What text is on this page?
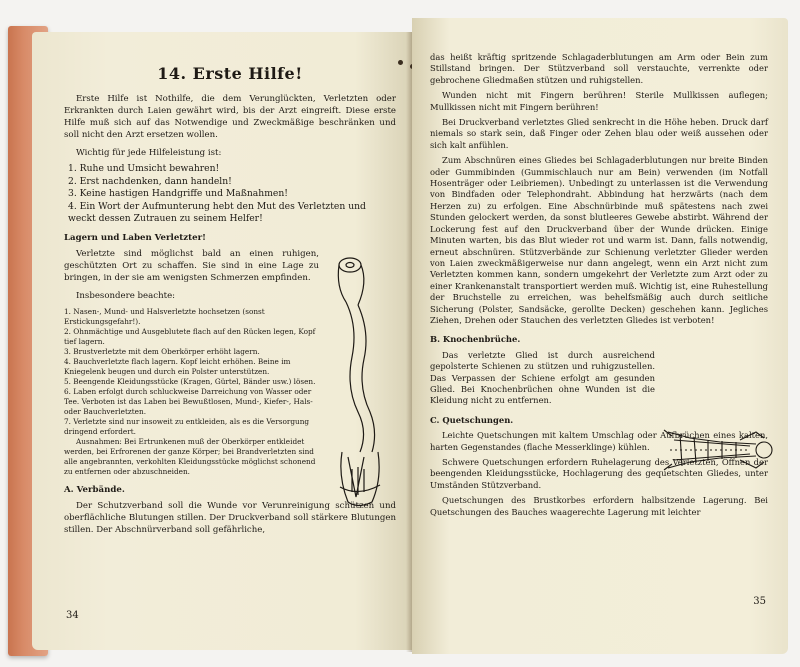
14. Erste Hilfe!

Erste Hilfe ist Nothilfe, die dem Verunglückten, Verletzten oder Erkrankten durch Laien gewährt wird, bis der Arzt eingreift. Diese erste Hilfe muß sich auf das Notwendige und Zweckmäßige beschränken und soll nicht den Arzt ersetzen wollen.

Wichtig für jede Hilfeleistung ist:

1. Ruhe und Umsicht bewahren!
2. Erst nachdenken, dann handeln!
3. Keine hastigen Handgriffe und Maßnahmen!
4. Ein Wort der Aufmunterung hebt den Mut des Verletzten und weckt dessen Zutrauen zu seinem Helfer!
Lagern und Laben Verletzter!

Verletzte sind möglichst bald an einen ruhigen, geschützten Ort zu schaffen. Sie sind in eine Lage zu bringen, in der sie am wenigsten Schmerzen empfinden.

Insbesondere beachte:

1. Nasen-, Mund- und Halsverletzte hochsetzen (sonst Erstickungsgefahr!).
2. Ohnmächtige und Ausgeblutete flach auf den Rücken legen, Kopf tief lagern.
3. Brustverletzte mit dem Oberkörper erhöht lagern.
4. Bauchverletzte flach lagern. Kopf leicht erhöhen. Beine im Kniegelenk beugen und durch ein Polster unterstützen.
5. Beengende Kleidungsstücke (Kragen, Gürtel, Bänder usw.) lösen.
6. Laben erfolgt durch schluckweise Darreichung von Wasser oder Tee. Verboten ist das Laben bei Bewußtlosen, Mund-, Kiefer-, Hals- oder Bauchverletzten.
7. Verletzte sind nur insoweit zu entkleiden, als es die Versorgung dringend erfordert.
Ausnahmen: Bei Ertrunkenen muß der Oberkörper entkleidet werden, bei Erfrorenen der ganze Körper; bei Brandverletzten sind alle angebrannten, verkohlten Kleidungsstücke möglichst schonend zu entfernen oder abzuschneiden.
A. Verbände.

Der Schutzverband soll die Wunde vor Verunreinigung schützen und oberflächliche Blutungen stillen. Der Druckverband soll stärkere Blutungen stillen. Der Abschnürverband soll gefährliche,

34

das heißt kräftig spritzende Schlagaderblutungen am Arm oder Bein zum Stillstand bringen. Der Stützverband soll verstauchte, verrenkte oder gebrochene Gliedmaßen stützen und ruhigstellen.

Wunden nicht mit Fingern berühren! Sterile Mullkissen auflegen; Mullkissen nicht mit Fingern berühren!

Bei Druckverband verletztes Glied senkrecht in die Höhe heben. Druck darf niemals so stark sein, daß Finger oder Zehen blau oder weiß aussehen oder sich kalt anfühlen.

Zum Abschnüren eines Gliedes bei Schlagaderblutungen nur breite Binden oder Gummibinden (Gummischlauch nur am Bein) verwenden (im Notfall Hosenträger oder Leibriemen). Unbedingt zu unterlassen ist die Verwendung von Bindfaden oder Telephondraht. Abbindung hat herzwärts (nach dem Herzen zu) zu erfolgen. Eine Abschnürbinde muß spätestens nach zwei Stunden gelockert werden, da sonst blutleeres Gewebe abstirbt. Während der Lockerung fest auf den Druckverband über der Wunde drücken. Einige Minuten warten, bis das Blut wieder rot und warm ist. Dann, falls notwendig, erneut abschnüren. Stützverbände zur Schienung verletzter Glieder werden von Laien zweckmäßigerweise nur dann angelegt, wenn ein Arzt nicht zum Verletzten kommen kann, sondern umgekehrt der Verletzte zum Arzt oder zu einer Krankenanstalt transportiert werden muß. Wichtig ist, eine Ruhestellung der Bruchstelle zu erreichen, was behelfsmäßig auch durch seitliche Sicherung (Polster, Sandsäcke, gerollte Decken) geschehen kann. Jegliches Ziehen, Drehen oder Stauchen des verletzten Gliedes ist verboten!

B. Knochenbrüche.

Das verletzte Glied ist durch ausreichend gepolsterte Schienen zu stützen und ruhigzustellen. Das Verpassen der Schiene erfolgt am gesunden Glied. Bei Knochenbrüchen ohne Wunden ist die Kleidung nicht zu entfernen.

C. Quetschungen.

Leichte Quetschungen mit kaltem Umschlag oder Aufbrüchen eines kalten, harten Gegenstandes (flache Messerklinge) kühlen.

Schwere Quetschungen erfordern Ruhelagerung des Verletzten, Öffnen der beengenden Kleidungsstücke, Hochlagerung des gequetschten Gliedes, unter Umständen Stützverband.

Quetschungen des Brustkorbes erfordern halbsitzende Lagerung. Bei Quetschungen des Bauches waagerechte Lagerung mit leichter

35
